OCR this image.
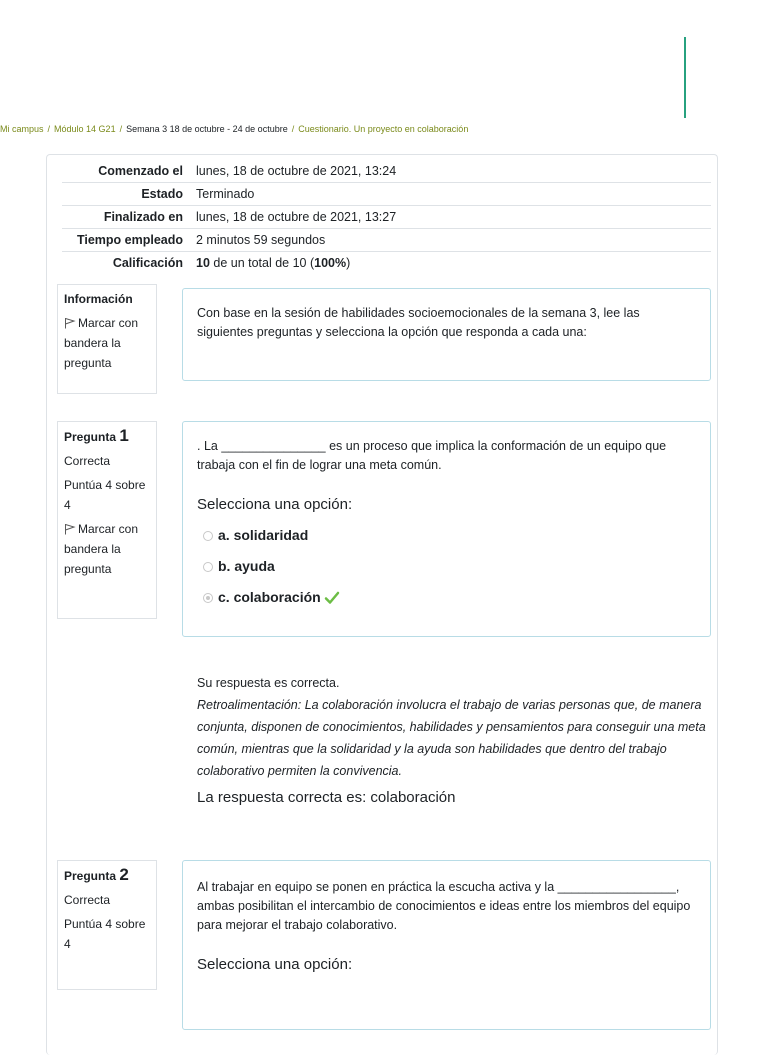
Mi campus / Módulo 14 G21 / Semana 3 18 de octubre - 24 de octubre / Cuestionario. Un proyecto en colaboración
Comenzado el	lunes, 18 de octubre de 2021, 13:24
Estado	Terminado
Finalizado en	lunes, 18 de octubre de 2021, 13:27
Tiempo empleado	2 minutos 59 segundos
Calificación	10 de un total de 10 (100%)
Información
Marcar con bandera la pregunta
Con base en la sesión de habilidades socioemocionales de la semana 3, lee las siguientes preguntas y selecciona la opción que responda a cada una:
Pregunta 1
Correcta
Puntúa 4 sobre 4
Marcar con bandera la pregunta
. La _______________ es un proceso que implica la conformación de un equipo que trabaja con el fin de lograr una meta común.
Selecciona una opción:
a. solidaridad
b. ayuda
c. colaboración
Su respuesta es correcta.
Retroalimentación: La colaboración involucra el trabajo de varias personas que, de manera conjunta, disponen de conocimientos, habilidades y pensamientos para conseguir una meta común, mientras que la solidaridad y la ayuda son habilidades que dentro del trabajo colaborativo permiten la convivencia.
La respuesta correcta es: colaboración
Pregunta 2
Correcta
Puntúa 4 sobre 4
Al trabajar en equipo se ponen en práctica la escucha activa y la _________________, ambas posibilitan el intercambio de conocimientos e ideas entre los miembros del equipo para mejorar el trabajo colaborativo.
Selecciona una opción:
